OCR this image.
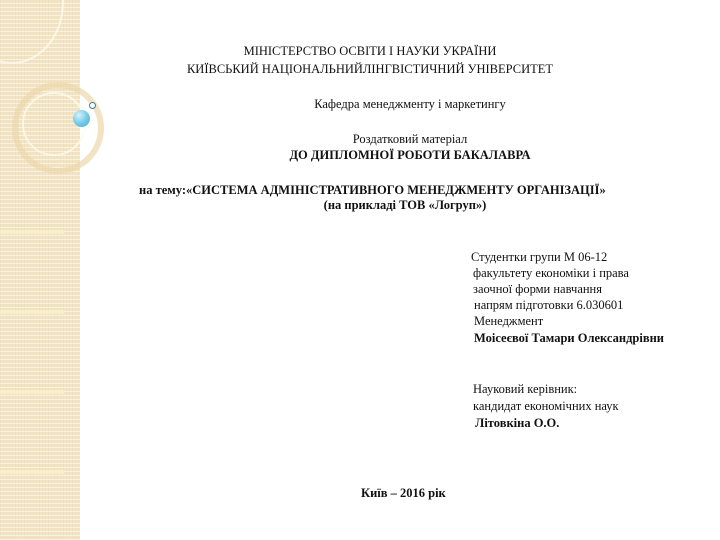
МІНІСТЕРСТВО ОСВІТИ І НАУКИ УКРАЇНИ
КИЇВСЬКИЙ НАЦІОНАЛЬНИЙЛІНГВІСТИЧНИЙ УНІВЕРСИТЕТ
Кафедра менеджменту і маркетингу
Роздатковий матеріал
ДО ДИПЛОМНОЇ РОБОТИ БАКАЛАВРА
на тему:«СИСТЕМА АДМІНІСТРАТИВНОГО МЕНЕДЖМЕНТУ ОРГАНІЗАЦІЇ»
(на прикладі ТОВ «Логруп»)
Студентки групи М 06-12
факультету економіки і права
заочної форми навчання
напрям підготовки 6.030601
Менеджмент
Моісеєвої Тамари Олександрівни
Науковий керівник:
кандидат економічних наук
Літовкіна О.О.
Київ – 2016 рік
